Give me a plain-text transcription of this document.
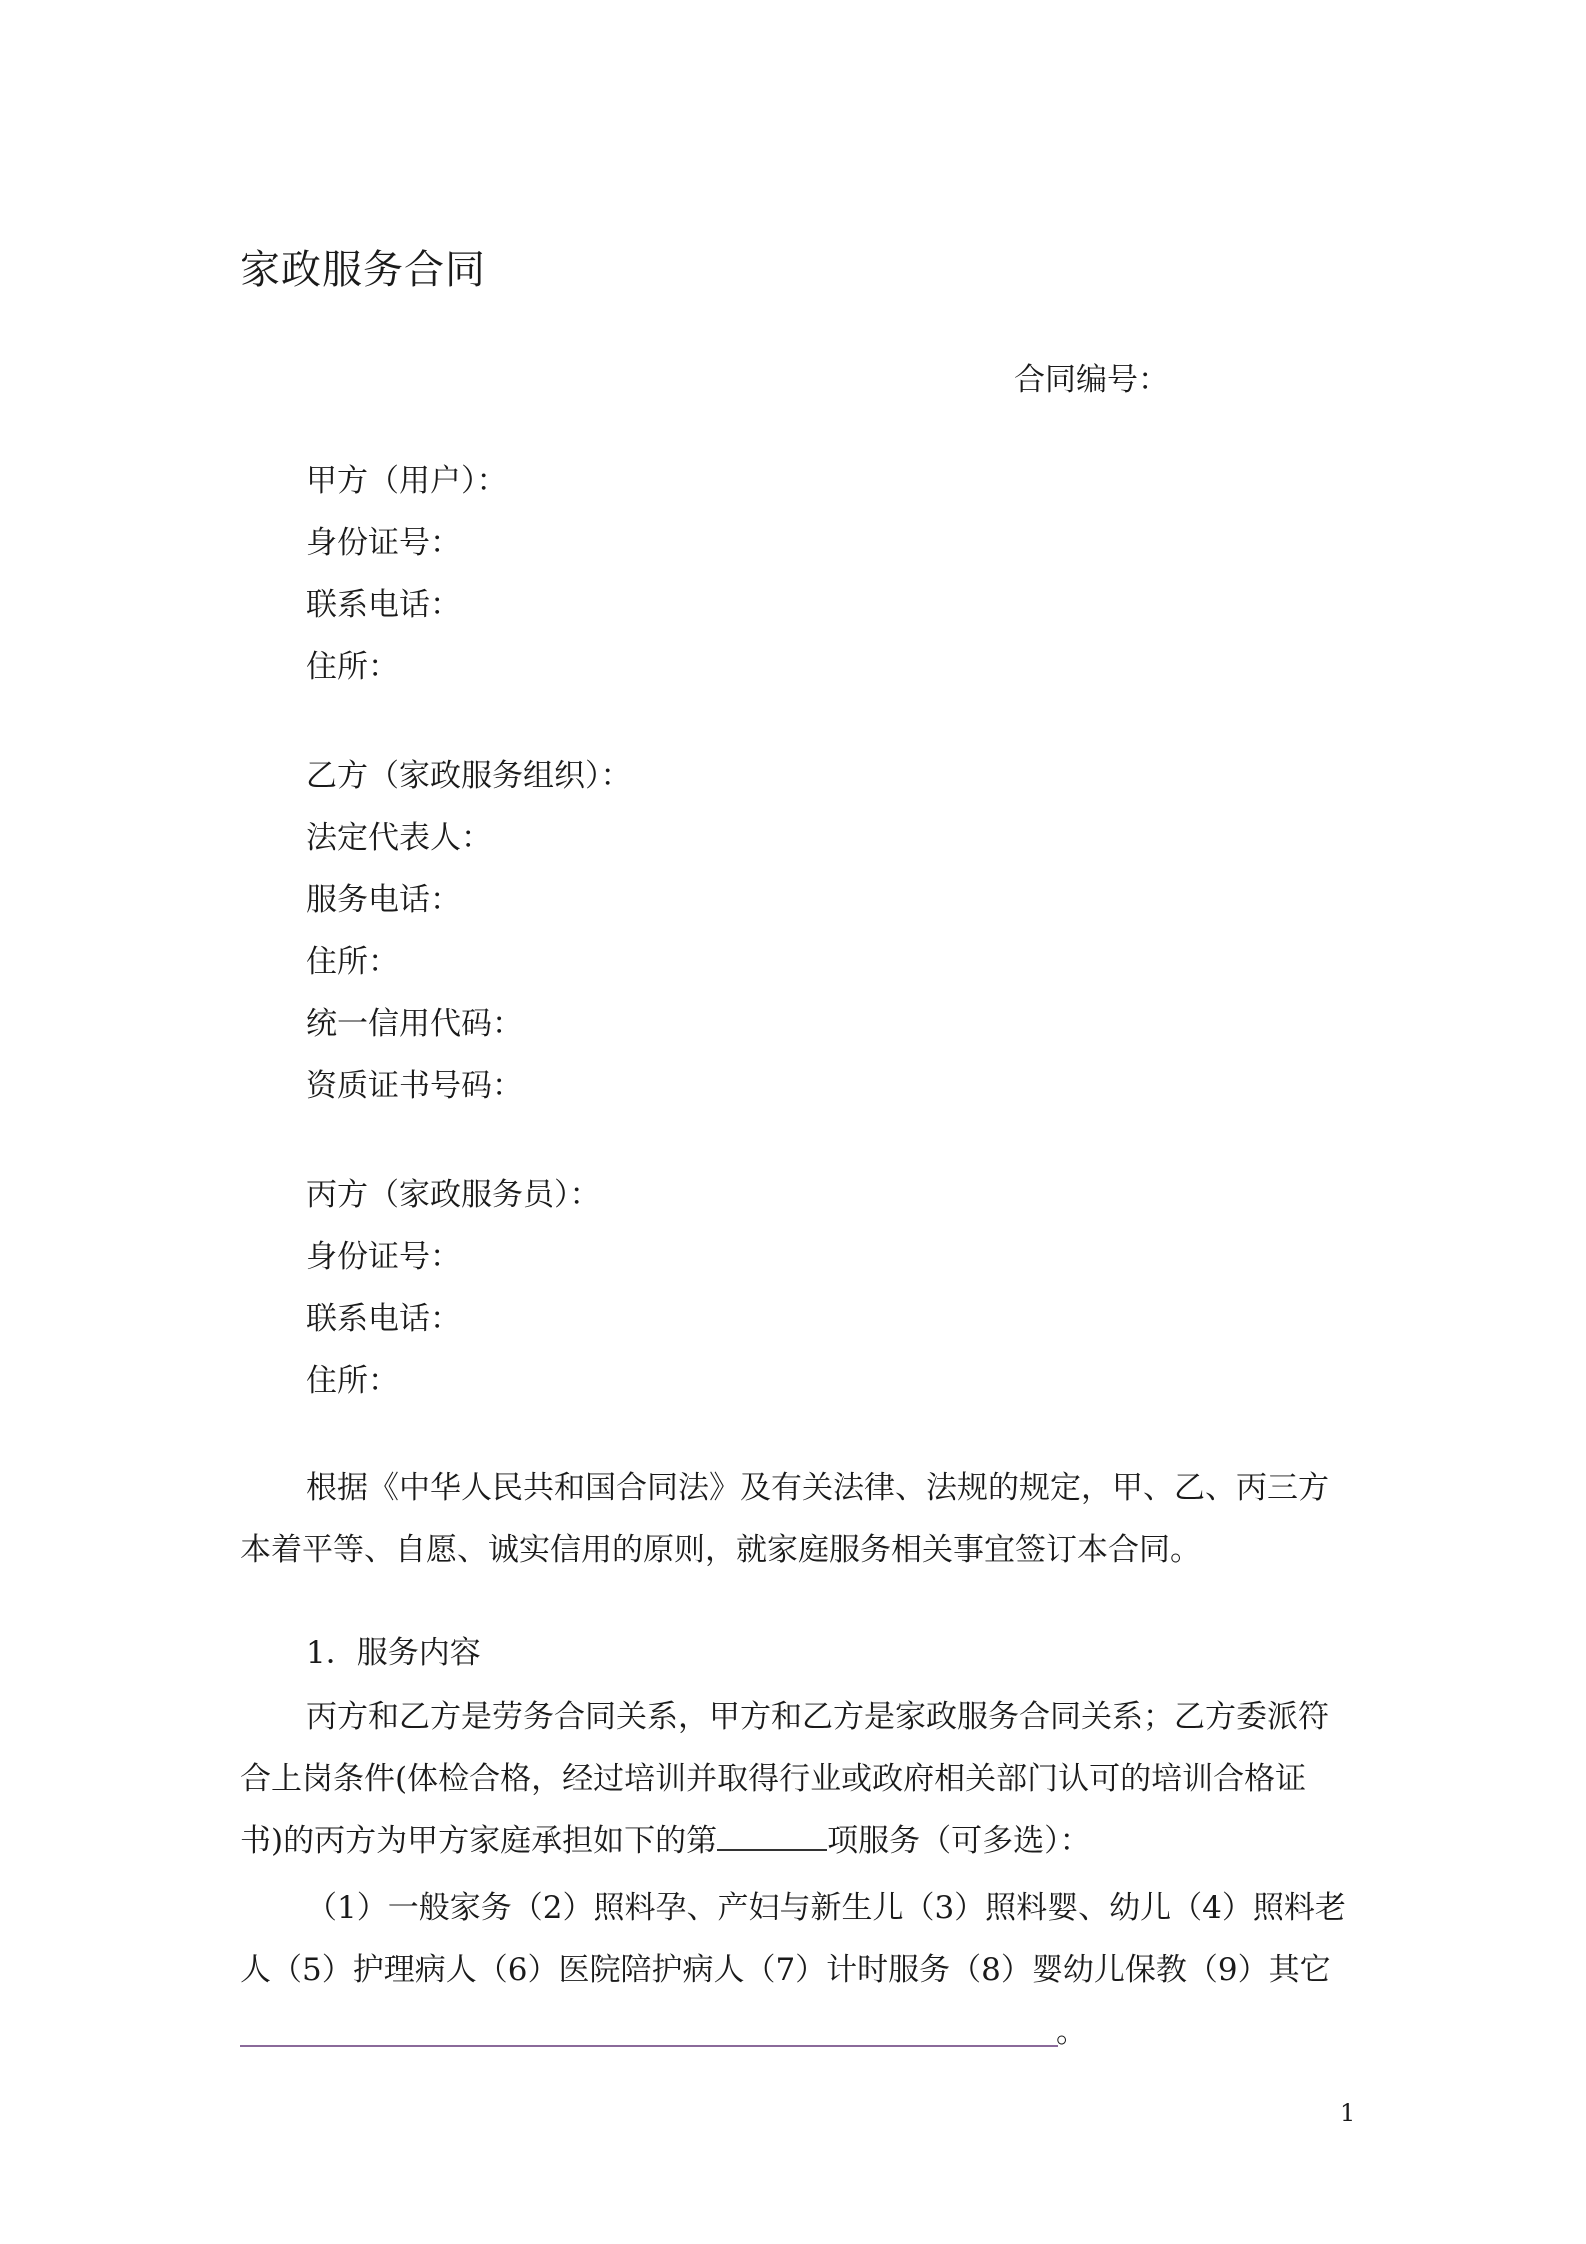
家政服务合同
合同编号：
甲方（用户）：
身份证号：
联系电话：
住所：
乙方（家政服务组织）：
法定代表人：
服务电话：
住所：
统一信用代码：
资质证书号码：
丙方（家政服务员）：
身份证号：
联系电话：
住所：
根据《中华人民共和国合同法》及有关法律、法规的规定，甲、乙、丙三方
本着平等、自愿、诚实信用的原则，就家庭服务相关事宜签订本合同。
1．服务内容
丙方和乙方是劳务合同关系，甲方和乙方是家政服务合同关系；乙方委派符
合上岗条件(体检合格，经过培训并取得行业或政府相关部门认可的培训合格证
书)的丙方为甲方家庭承担如下的第	项服务（可多选）：
（1）一般家务（2）照料孕、产妇与新生儿（3）照料婴、幼儿（4）照料老
人（5）护理病人（6）医院陪护病人（7）计时服务（8）婴幼儿保教（9）其它
。
1
